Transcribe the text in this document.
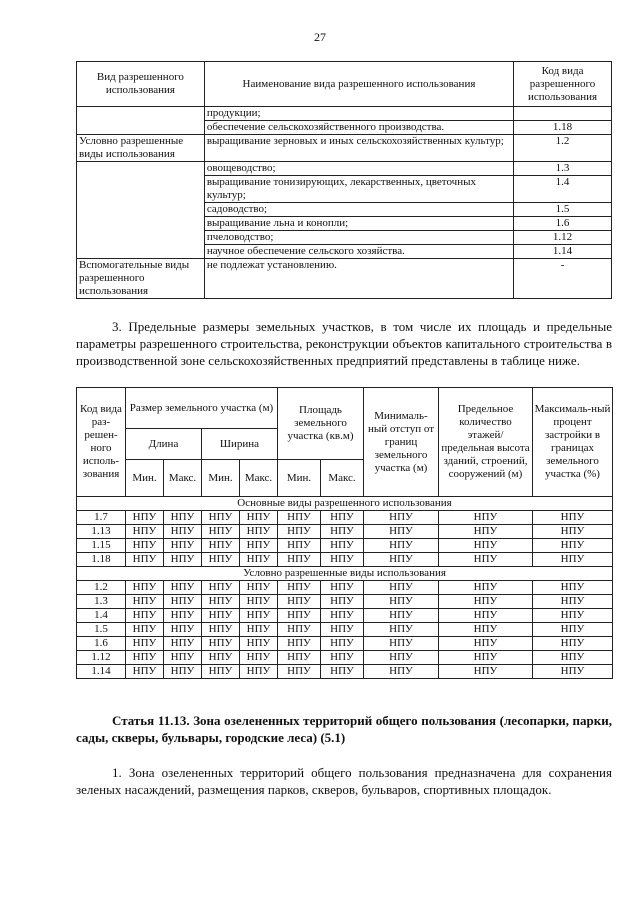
27
Вид разрешенного использования	Наименование вида разрешенного использования	Код вида разрешенного использования
	продукции;	
	обеспечение сельскохозяйственного производства.	1.18
Условно разрешенные виды использования	выращивание зерновых и иных сельскохозяйственных культур;	1.2
	овощеводство;	1.3
	выращивание тонизирующих, лекарственных, цветочных культур;	1.4
	садоводство;	1.5
	выращивание льна и конопли;	1.6
	пчеловодство;	1.12
	научное обеспечение сельского хозяйства.	1.14
Вспомогательные виды разрешенного использования	не подлежат установлению.	-
3. Предельные размеры земельных участков, в том числе их площадь и предельные параметры разрешенного строительства, реконструкции объектов капитального строительства в производственной зоне сельскохозяйственных предприятий представлены в таблице ниже.
Код вида раз-решен-ного исполь-зования	Размер земельного участка (м)				Площадь земельного участка (кв.м)		Минималь-ный отступ от границ земельного участка (м)	Предельное количество этажей/ предельная высота зданий, строений, сооружений (м)	Максималь-ный процент застройки в границах земельного участка (%)
	Длина		Ширина						
	Мин.	Макс.	Мин.	Макс.	Мин.	Макс.			
Основные виды разрешенного использования									
1.7	НПУ	НПУ	НПУ	НПУ	НПУ	НПУ	НПУ	НПУ	НПУ
1.13	НПУ	НПУ	НПУ	НПУ	НПУ	НПУ	НПУ	НПУ	НПУ
1.15	НПУ	НПУ	НПУ	НПУ	НПУ	НПУ	НПУ	НПУ	НПУ
1.18	НПУ	НПУ	НПУ	НПУ	НПУ	НПУ	НПУ	НПУ	НПУ
Условно разрешенные виды использования									
1.2	НПУ	НПУ	НПУ	НПУ	НПУ	НПУ	НПУ	НПУ	НПУ
1.3	НПУ	НПУ	НПУ	НПУ	НПУ	НПУ	НПУ	НПУ	НПУ
1.4	НПУ	НПУ	НПУ	НПУ	НПУ	НПУ	НПУ	НПУ	НПУ
1.5	НПУ	НПУ	НПУ	НПУ	НПУ	НПУ	НПУ	НПУ	НПУ
1.6	НПУ	НПУ	НПУ	НПУ	НПУ	НПУ	НПУ	НПУ	НПУ
1.12	НПУ	НПУ	НПУ	НПУ	НПУ	НПУ	НПУ	НПУ	НПУ
1.14	НПУ	НПУ	НПУ	НПУ	НПУ	НПУ	НПУ	НПУ	НПУ
Статья 11.13. Зона озелененных территорий общего пользования (лесопарки, парки, сады, скверы, бульвары, городские леса) (5.1)
1. Зона озелененных территорий общего пользования предназначена для сохранения зеленых насаждений, размещения парков, скверов, бульваров, спортивных площадок.
